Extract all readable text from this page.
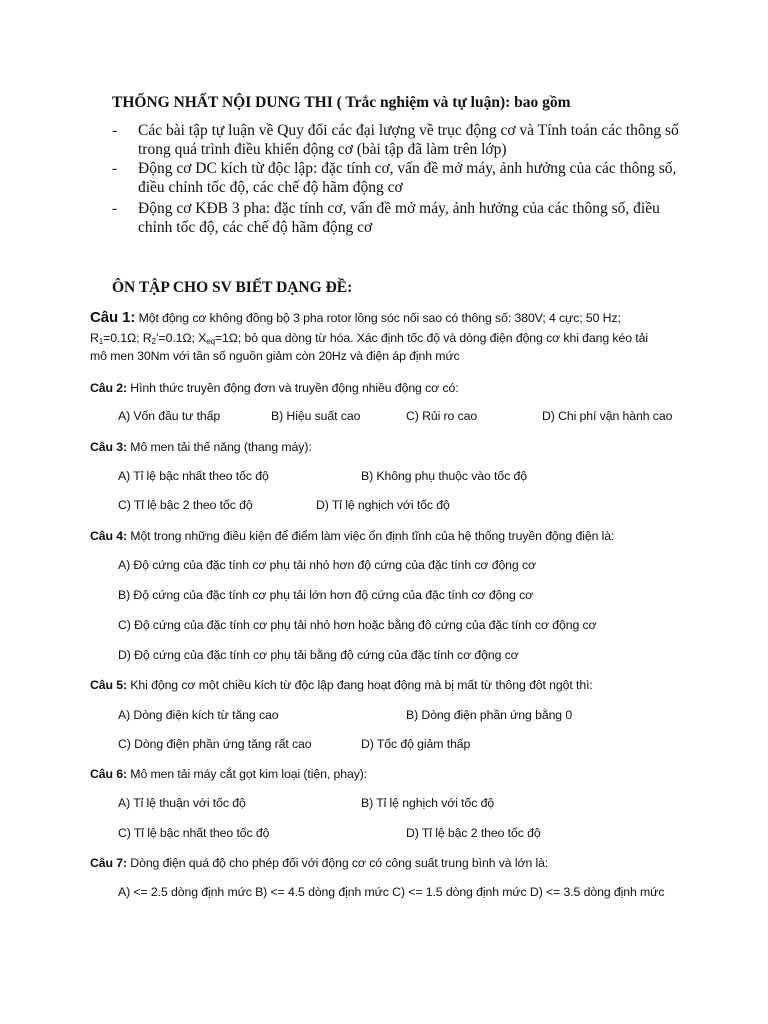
THỐNG NHẤT NỘI DUNG THI ( Trắc nghiệm và tự luận): bao gồm
- Các bài tập tự luận về Quy đổi các đại lượng về trục động cơ và Tính toán các thông số
trong quá trình điều khiển động cơ (bài tập đã làm trên lớp)
- Động cơ DC kích từ độc lập: đặc tính cơ, vấn đề mở máy, ảnh hưởng của các thông số,
điều chỉnh tốc độ, các chế độ hãm động cơ
- Động cơ KĐB 3 pha: đặc tính cơ, vấn đề mở máy, ảnh hưởng của các thông số, điều
chỉnh tốc độ, các chế độ hãm động cơ
ÔN TẬP CHO SV BIẾT DẠNG ĐỀ:
Câu 1: Một động cơ không đồng bộ 3 pha rotor lồng sóc nối sao có thông số: 380V; 4 cực; 50 Hz;
$R_1=0.1\Omega$; $R_2’=0.1\Omega$; $X_{eq}=1\Omega$; bỏ qua dòng từ hóa. Xác định tốc độ và dòng điện động cơ khi đang kéo tải
mô men 30Nm với tần số nguồn giảm còn 20Hz và điện áp định mức
Câu 2: Hình thức truyền động đơn và truyền động nhiều động cơ có:
A) Vốn đầu tư thấp	B) Hiệu suất cao	C) Rủi ro cao	D) Chi phí vận hành cao
Câu 3: Mô men tải thế năng (thang máy):
A) Tỉ lệ bậc nhất theo tốc độ	B) Không phụ thuộc vào tốc độ
C) Tỉ lệ bậc 2 theo tốc độ	D) Tỉ lệ nghịch với tốc độ
Câu 4: Một trong những điều kiện để điểm làm việc ổn định tĩnh của hệ thống truyền động điện là:
A) Độ cứng của đặc tính cơ phụ tải nhỏ hơn độ cứng của đặc tính cơ động cơ
B) Độ cứng của đặc tính cơ phụ tải lớn hơn độ cứng của đặc tính cơ động cơ
C) Độ cứng của đặc tính cơ phụ tải nhỏ hơn hoặc bằng độ cứng của đặc tính cơ động cơ
D) Độ cứng của đặc tính cơ phụ tải bằng độ cứng của đặc tính cơ động cơ
Câu 5: Khi động cơ một chiều kích từ độc lập đang hoạt động mà bị mất từ thông đột ngột thì:
A) Dòng điện kích từ tăng cao	B) Dòng điện phần ứng bằng 0
C) Dòng điện phần ứng tăng rất cao	D) Tốc độ giảm thấp
Câu 6: Mô men tải máy cắt gọt kim loại (tiện, phay):
A) Tỉ lệ thuận với tốc độ	B) Tỉ lệ nghịch với tốc độ
C) Tỉ lệ bậc nhất theo tốc độ	D) Tỉ lệ bậc 2 theo tốc độ
Câu 7: Dòng điện quá độ cho phép đối với động cơ có công suất trung bình và lớn là:
A) <= 2.5 dòng định mức B) <= 4.5 dòng định mức C) <= 1.5 dòng định mức D) <= 3.5 dòng định mức
